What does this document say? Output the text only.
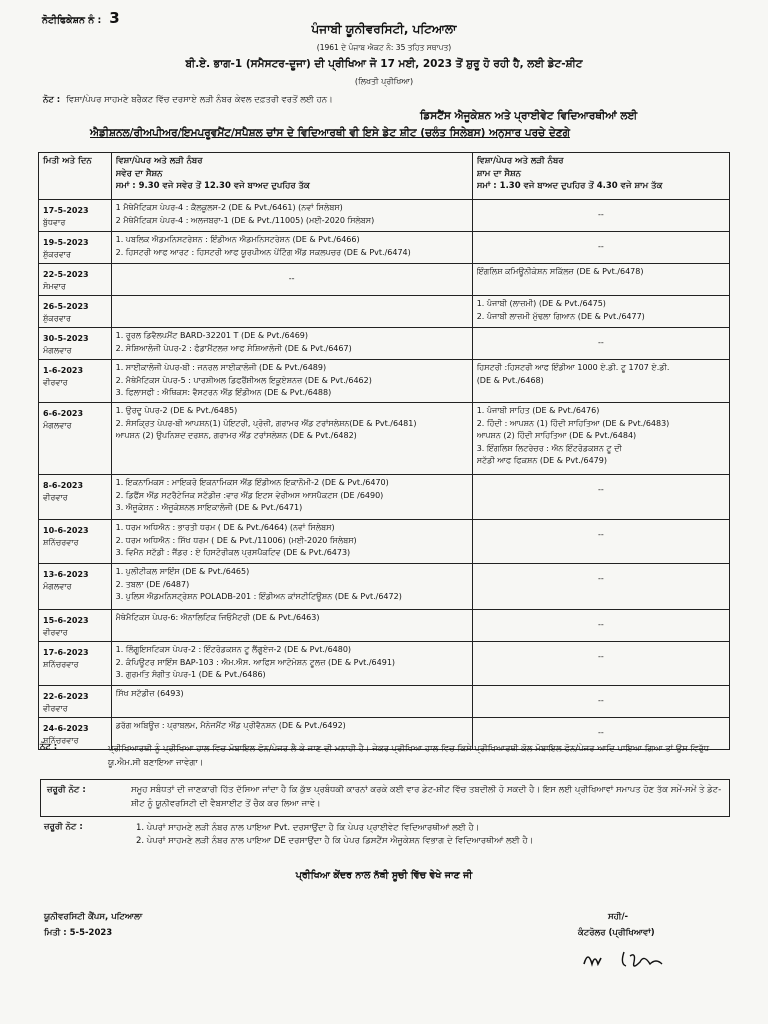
ਨੋਟੀਫਿਕੇਸ਼ਨ ਨੰ : 3
ਪੰਜਾਬੀ ਯੂਨੀਵਰਸਿਟੀ, ਪਟਿਆਲਾ
(1961 ਦੇ ਪੰਜਾਬ ਐਕਟ ਨੰ: 35 ਤਹਿਤ ਸਥਾਪਤ)
ਬੀ.ਏ. ਭਾਗ-1 (ਸਮੈਸਟਰ-ਦੂਜਾ) ਦੀ ਪ੍ਰੀਖਿਆ ਜੋ 17 ਮਈ, 2023 ਤੋਂ ਸ਼ੁਰੂ ਹੋ ਰਹੀ ਹੈ, ਲਈ ਡੇਟ-ਸ਼ੀਟ
(ਲਿਖਤੀ ਪ੍ਰੀਖਿਆ)
ਨੋਟ : ਵਿਸ਼ਾ/ਪੇਪਰ ਸਾਹਮਣੇ ਬਰੈਕਟ ਵਿੱਚ ਦਰਸਾਏ ਲੜੀ ਨੰਬਰ ਕੇਵਲ ਦਫ਼ਤਰੀ ਵਰਤੋਂ ਲਈ ਹਨ।
ਡਿਸਟੈਂਸ ਐਜੂਕੇਸ਼ਨ ਅਤੇ ਪ੍ਰਾਈਵੇਟ ਵਿਦਿਆਰਥੀਆਂ ਲਈ
ਐਡੀਸ਼ਨਲ/ਰੀਅਪੀਅਰ/ਇਮਪਰੂਵਮੈਂਟ/ਸਪੈਸ਼ਲ ਚਾਂਸ ਦੇ ਵਿਦਿਆਰਥੀ ਵੀ ਇਸੇ ਡੇਟ ਸ਼ੀਟ (ਚਲੰਤ ਸਿਲੇਬਸ) ਅਨੁਸਾਰ ਪਰਚੇ ਦੇਣਗੇ
ਮਿਤੀ ਅਤੇ ਦਿਨ	ਵਿਸ਼ਾ/ਪੇਪਰ ਅਤੇ ਲੜੀ ਨੰਬਰ
ਸਵੇਰ ਦਾ ਸੈਸ਼ਨ
ਸਮਾਂ : 9.30 ਵਜੇ ਸਵੇਰ ਤੋਂ 12.30 ਵਜੇ ਬਾਅਦ ਦੁਪਹਿਰ ਤੱਕ	ਵਿਸ਼ਾ/ਪੇਪਰ ਅਤੇ ਲੜੀ ਨੰਬਰ
ਸ਼ਾਮ ਦਾ ਸੈਸ਼ਨ
ਸਮਾਂ : 1.30 ਵਜੇ ਬਾਅਦ ਦੁਪਹਿਰ ਤੋਂ 4.30 ਵਜੇ ਸ਼ਾਮ ਤੱਕ

17-5-2023
ਬੁੱਧਵਾਰ	1 ਮੈਥੇਮੈਟਿਕਸ ਪੇਪਰ-4 : ਕੈਲਕੂਲਸ-2 (DE & Pvt./6461) (ਨਵਾਂ ਸਿਲੇਬਸ)
2 ਮੈਥੇਮੈਟਿਕਸ ਪੇਪਰ-4 : ਅਲਜਬਰਾ-1 (DE & Pvt./11005) (ਮਈ-2020 ਸਿਲੇਬਸ)	--

19-5-2023
ਸ਼ੁੱਕਰਵਾਰ	1. ਪਬਲਿਕ ਐਡਮਨਿਸਟਰੇਸ਼ਨ : ਇੰਡੀਅਨ ਐਡਮਨਿਸਟਰੇਸ਼ਨ (DE & Pvt./6466)
2. ਹਿਸਟਰੀ ਆਫ ਆਰਟ : ਹਿਸਟਰੀ ਆਫ ਯੂਰਪੀਅਨ ਪੇਂਟਿੰਗ ਐਂਡ ਸਕਲਪਚਰ (DE & Pvt./6474)	--

22-5-2023
ਸੋਮਵਾਰ	--	ਇੰਗਲਿਸ਼ ਕਮਿਊਨੀਕੇਸ਼ਨ ਸਕਿੱਲਜ਼ (DE & Pvt./6478)

26-5-2023
ਸ਼ੁੱਕਰਵਾਰ		1. ਪੰਜਾਬੀ (ਲਾਜ਼ਮੀ) (DE & Pvt./6475)
2. ਪੰਜਾਬੀ ਲਾਜ਼ਮੀ ਮੁੱਢਲਾ ਗਿਆਨ (DE & Pvt./6477)

30-5-2023
ਮੰਗਲਵਾਰ	1. ਰੂਰਲ ਡਿਵੈਲਪਮੈਂਟ BARD-32201 T (DE & Pvt./6469)
2. ਸੋਸ਼ਿਆਲੋਜੀ ਪੇਪਰ-2 : ਫੰਡਾਮੈਂਟਲਜ਼ ਆਫ ਸੋਸ਼ਿਆਲੋਜੀ (DE & Pvt./6467)	--

1-6-2023
ਵੀਰਵਾਰ	1. ਸਾਈਕਾਲੋਜੀ ਪੇਪਰ-ਬੀ : ਜਨਰਲ ਸਾਈਕਾਲੋਜੀ (DE & Pvt./6489)
2. ਮੈਥੇਮੈਟਿਕਸ ਪੇਪਰ-5 : ਪਾਰਸ਼ੀਅਲ ਡਿਫਰੈਂਸ਼ੀਅਲ ਇਕੂਏਸ਼ਨਜ਼ (DE & Pvt./6462)
3. ਫਿਲਾਸਫੀ : ਐਥਿਕਸ: ਵੈਸਟਰਨ ਐਂਡ ਇੰਡੀਅਨ (DE & Pvt./6488)	ਹਿਸਟਰੀ :ਹਿਸਟਰੀ ਆਫ ਇੰਡੀਆ 1000 ਏ.ਡੀ. ਟੂ 1707 ਏ.ਡੀ.
(DE & Pvt./6468)

6-6-2023
ਮੰਗਲਵਾਰ	1. ਉਰਦੂ ਪੇਪਰ-2 (DE & Pvt./6485)
2. ਸੰਸਕ੍ਰਿਤ ਪੇਪਰ-ਬੀ ਆਪਸ਼ਨ(1) ਪੋਇਟਰੀ, ਪ੍ਰੋਜ਼ੀ, ਗਰਾਮਰ ਐਂਡ ਟਰਾਂਸਲੇਸ਼ਨ(DE & Pvt./6481)
ਆਪਸ਼ਨ (2) ਉਪਨਿਸ਼ਦ ਦਰਸ਼ਨ, ਗਰਾਮਰ ਐਂਡ ਟਰਾਂਸਲੇਸ਼ਨ (DE & Pvt./6482)	1. ਪੰਜਾਬੀ ਸਾਹਿਤ (DE & Pvt./6476)
2. ਹਿੰਦੀ : ਆਪਸ਼ਨ (1) ਹਿੰਦੀ ਸਾਹਿਤਿਆ (DE & Pvt./6483)
ਆਪਸ਼ਨ (2) ਹਿੰਦੀ ਸਾਹਿਤਿਆ (DE & Pvt./6484)
3. ਇੰਗਲਿਸ਼ ਲਿਟਰੇਚਰ : ਐਨ ਇੰਟਰੋਡਕਸ਼ਨ ਟੂ ਦੀ
ਸਟੱਡੀ ਆਫ ਫਿਕਸ਼ਨ (DE & Pvt./6479)

8-6-2023
ਵੀਰਵਾਰ	1. ਇਕਨਾਮਿਕਸ : ਮਾਇਕਰੋ ਇਕਨਾਮਿਕਸ ਐਂਡ ਇੰਡੀਅਨ ਇਕਾਨੌਮੀ-2 (DE & Pvt./6470)
2. ਡਿਫੈਂਸ ਐਂਡ ਸਟਰੈਟੇਜਿਕ ਸਟੱਡੀਜ਼ :ਵਾਰ ਐਂਡ ਇਟਸ ਵੇਰੀਅਸ ਆਸਪੈਕਟਸ (DE /6490)
3. ਐਜੂਕੇਸ਼ਨ : ਐਜੂਕੇਸ਼ਨਲ ਸਾਇਕਾਲੋਜੀ (DE & Pvt./6471)	--

10-6-2023
ਸ਼ਨਿੱਚਰਵਾਰ	1. ਧਰਮ ਅਧਿਐਨ : ਭਾਰਤੀ ਧਰਮ ( DE & Pvt./6464) (ਨਵਾਂ ਸਿਲੇਬਸ)
2. ਧਰਮ ਅਧਿਐਨ : ਸਿੱਖ ਧਰਮ ( DE & Pvt./11006) (ਮਈ-2020 ਸਿਲੇਬਸ)
3. ਵਿਮੈਨ ਸਟੱਡੀ : ਜੈਂਡਰ : ਏ ਹਿਸਟੋਰੀਕਲ ਪ੍ਰਸਪੈਕਟਿਵ (DE & Pvt./6473)	--

13-6-2023
ਮੰਗਲਵਾਰ	1. ਪੁਲੀਟੀਕਲ ਸਾਇੰਸ (DE & Pvt./6465)
2. ਤਬਲਾ (DE /6487)
3. ਪੁਲਿਸ ਐਡਮਨਿਸਟ੍ਰੇਸ਼ਨ POLADB-201 : ਇੰਡੀਅਨ ਕਾਂਸਟੀਟਿਊਸ਼ਨ (DE & Pvt./6472)	--

15-6-2023
ਵੀਰਵਾਰ	ਮੈਥੇਮੈਟਿਕਸ ਪੇਪਰ-6: ਐਨਾਲਿਟਿਕ ਜਿਓਮੈਟਰੀ (DE & Pvt./6463)	--

17-6-2023
ਸ਼ਨਿੱਚਰਵਾਰ	1. ਲਿੰਗੂਇਸਟਿਕਸ ਪੇਪਰ-2 : ਇੰਟਰੋਡਕਸ਼ਨ ਟੂ ਲੈਂਗੂਏਜ-2 (DE & Pvt./6480)
2. ਕੰਪਿਊਟਰ ਸਾਇੰਸ BAP-103 : ਐਮ.ਐਸ. ਆਫਿਸ ਆਟੋਮੇਸ਼ਨ ਟੂਲਜ਼ (DE & Pvt./6491)
3. ਗੁਰਮਤਿ ਸੰਗੀਤ ਪੇਪਰ-1 (DE & Pvt./6486)	--

22-6-2023
ਵੀਰਵਾਰ	ਸਿੱਖ ਸਟੱਡੀਜ਼ (6493)	--

24-6-2023
ਸ਼ਨਿੱਚਰਵਾਰ	ਡਰੱਗ ਅਬਿਊਜ਼ : ਪ੍ਰਾਬਲਮ, ਮੈਨੇਜਮੈਂਟ ਐਂਡ ਪ੍ਰੀਵੈਨਸ਼ਨ (DE & Pvt./6492)	--
ਨੋਟ :	ਪ੍ਰੀਖਿਆਰਥੀ ਨੂੰ ਪ੍ਰੀਖਿਆ ਹਾਲ ਵਿਚ ਮੋਬਾਇਲ ਫੋਨ/ਪੇਜਰ ਲੈ ਕੇ ਜਾਣ ਦੀ ਮਨਾਹੀ ਹੈ। ਜੇਕਰ ਪ੍ਰੀਖਿਆ ਹਾਲ ਵਿਚ ਕਿਸੇ ਪ੍ਰੀਖਿਆਰਥੀ ਕੋਲ ਮੋਬਾਇਲ ਫੋਨ/ਪੇਜਰ ਆਦਿ ਪਾਇਆ ਗਿਆ ਤਾਂ ਉਸ ਵਿਰੁੱਧ ਯੂ.ਐਮ.ਸੀ ਬਣਾਇਆ ਜਾਵੇਗਾ।
ਜ਼ਰੂਰੀ ਨੋਟ :	ਸਮੂਹ ਸਬੰਧਤਾਂ ਦੀ ਜਾਣਕਾਰੀ ਹਿੱਤ ਦੱਸਿਆ ਜਾਂਦਾ ਹੈ ਕਿ ਕੁੱਝ ਪ੍ਰਬੰਧਕੀ ਕਾਰਨਾਂ ਕਰਕੇ ਕਈ ਵਾਰ ਡੇਟ-ਸ਼ੀਟ ਵਿੱਚ ਤਬਦੀਲੀ ਹੋ ਸਕਦੀ ਹੈ। ਇਸ ਲਈ ਪ੍ਰੀਖਿਆਵਾਂ ਸਮਾਪਤ ਹੋਣ ਤੱਕ ਸਮੇਂ-ਸਮੇਂ ਤੇ ਡੇਟ-ਸ਼ੀਟ ਨੂੰ ਯੂਨੀਵਰਸਿਟੀ ਦੀ ਵੈਬਸਾਈਟ ਤੋਂ ਚੈਕ ਕਰ ਲਿਆ ਜਾਵੇ।
ਜ਼ਰੂਰੀ ਨੋਟ :	1. ਪੇਪਰਾਂ ਸਾਹਮਣੇ ਲੜੀ ਨੰਬਰ ਨਾਲ ਪਾਇਆ Pvt. ਦਰਸਾਉਂਦਾ ਹੈ ਕਿ ਪੇਪਰ ਪ੍ਰਾਈਵੇਟ ਵਿਦਿਆਰਥੀਆਂ ਲਈ ਹੈ।
2. ਪੇਪਰਾਂ ਸਾਹਮਣੇ ਲੜੀ ਨੰਬਰ ਨਾਲ ਪਾਇਆ DE ਦਰਸਾਉਂਦਾ ਹੈ ਕਿ ਪੇਪਰ ਡਿਸਟੈਂਸ ਐਜੂਕੇਸ਼ਨ ਵਿਭਾਗ ਦੇ ਵਿਦਿਆਰਥੀਆਂ ਲਈ ਹੈ।
ਪ੍ਰੀਖਿਆ ਕੇਂਦਰ ਨਾਲ ਨੱਥੀ ਸੂਚੀ ਵਿੱਚ ਵੇਖੇ ਜਾਣ ਜੀ
ਯੂਨੀਵਰਸਿਟੀ ਕੈਂਪਸ, ਪਟਿਆਲਾ
ਮਿਤੀ : 5-5-2023
ਸਹੀ/-
ਕੰਟਰੋਲਰ (ਪ੍ਰੀਖਿਆਵਾਂ)
